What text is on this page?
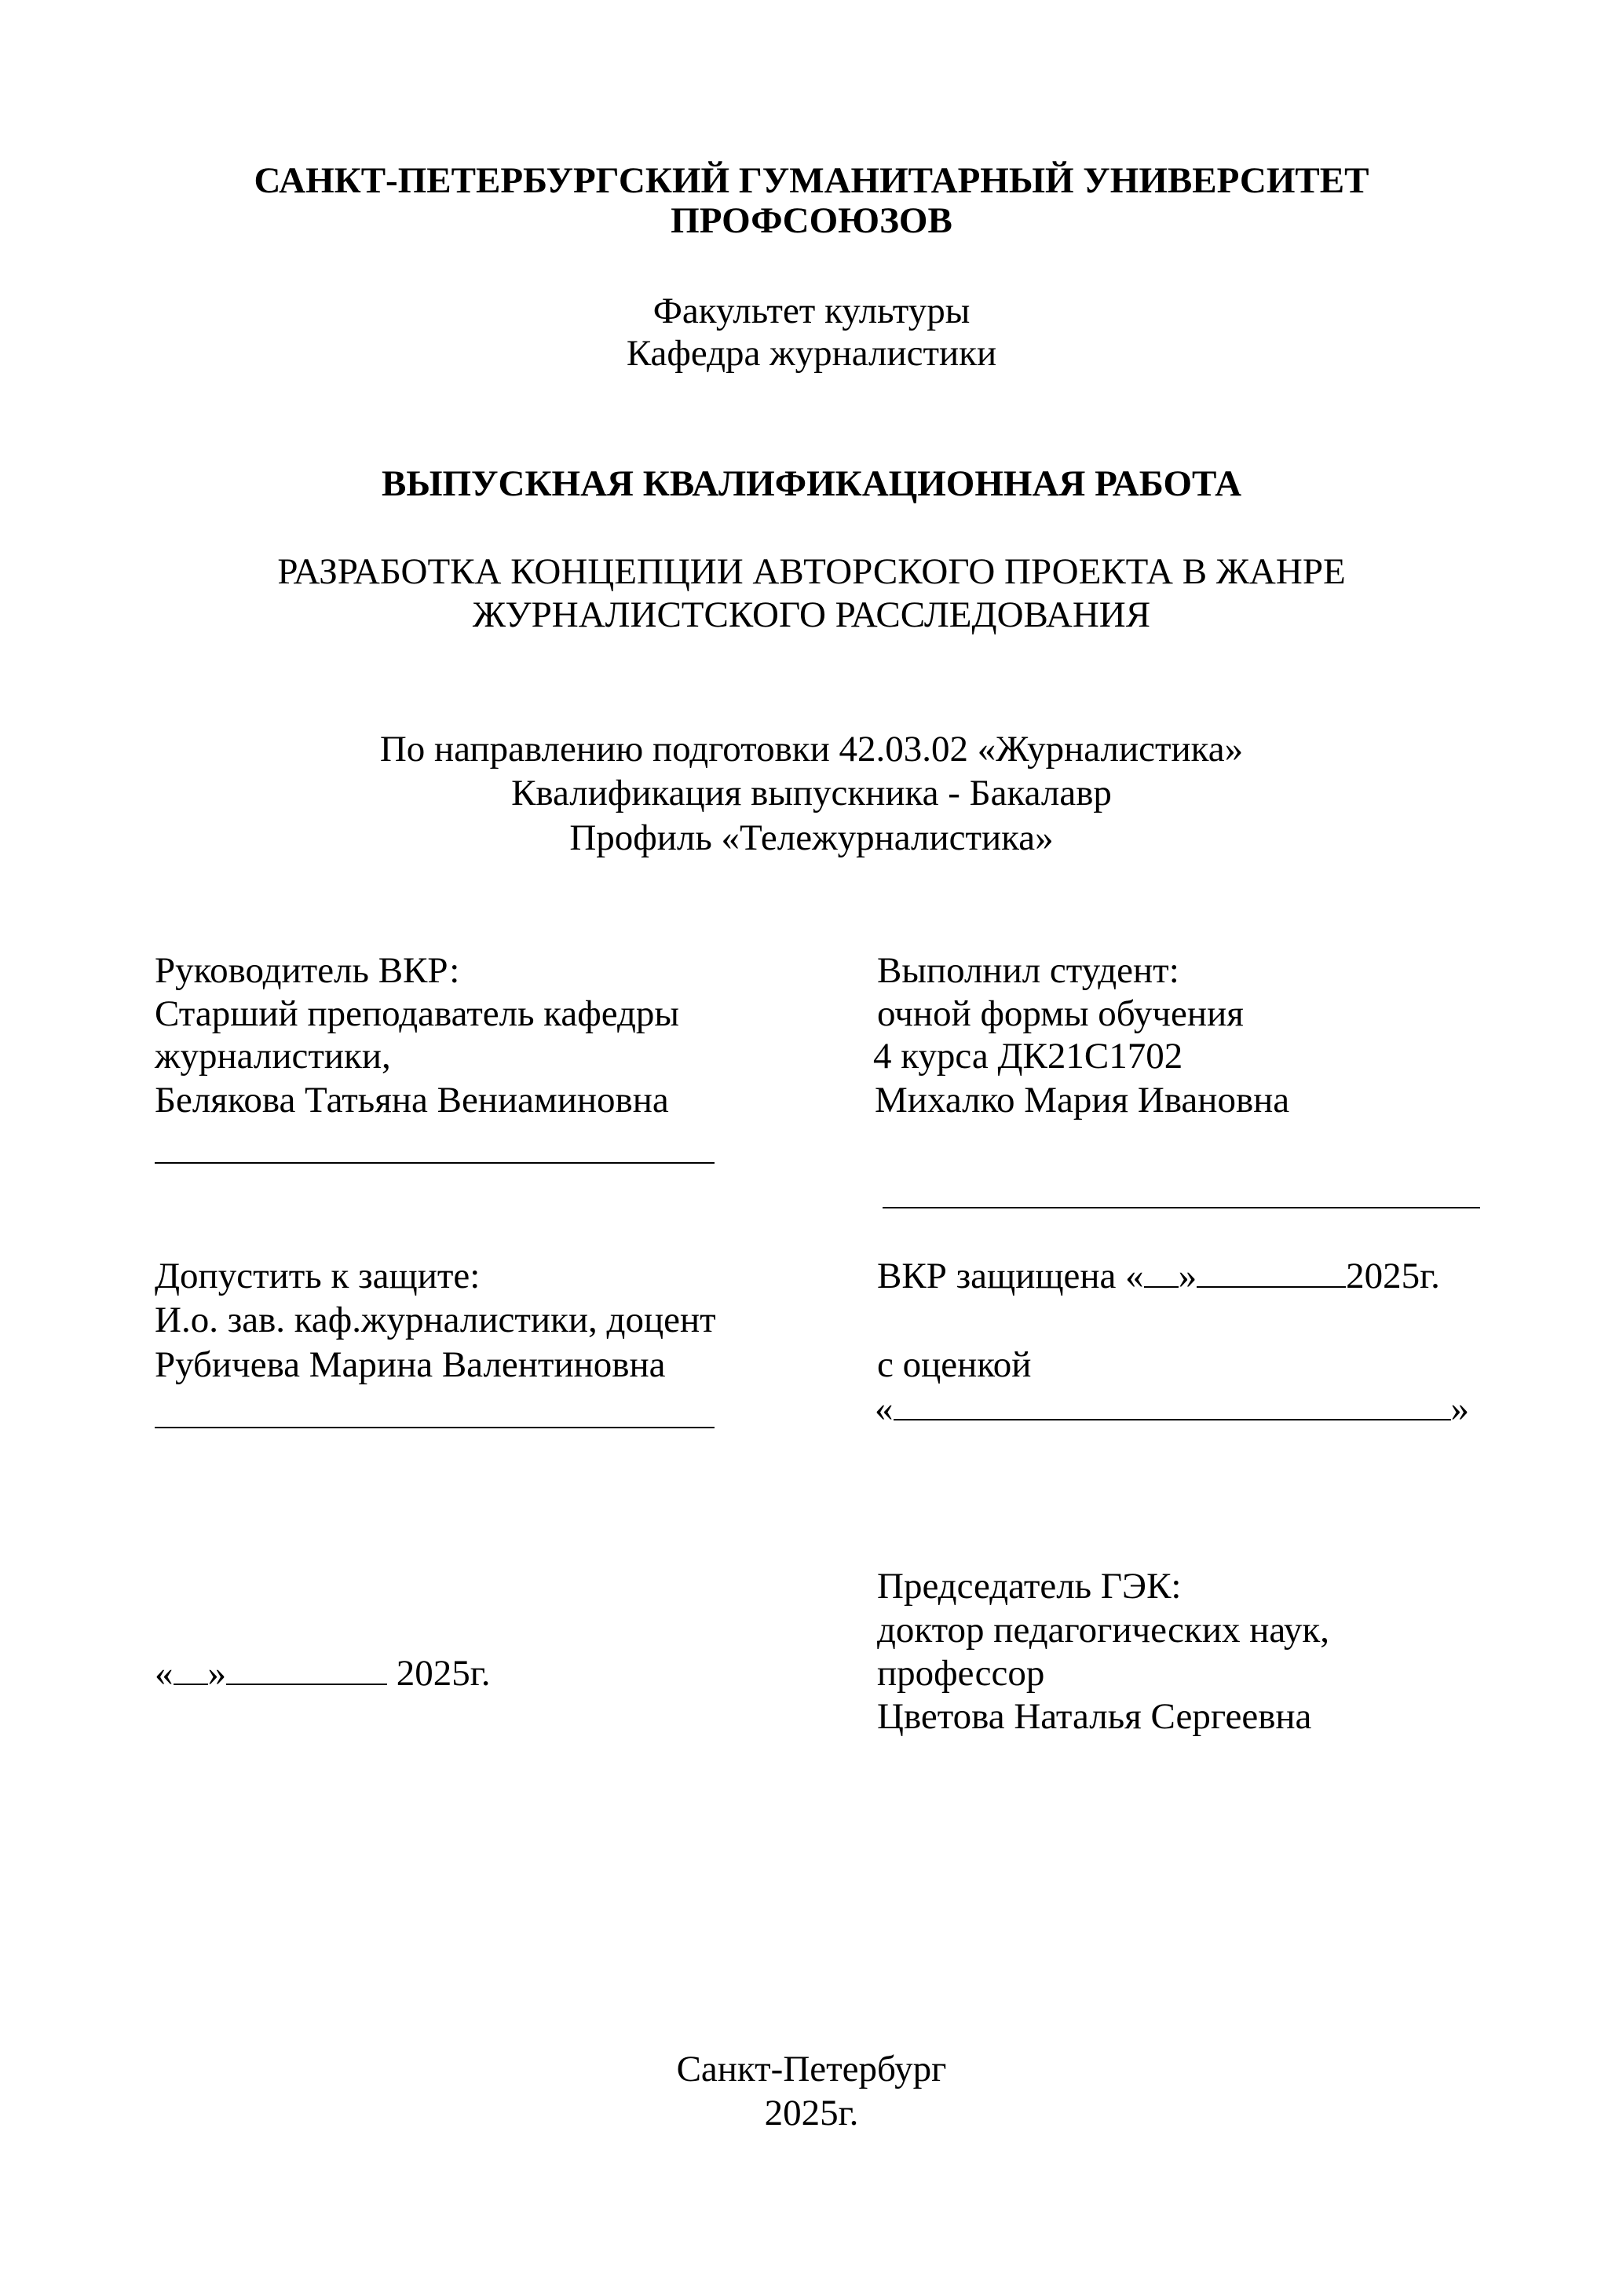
САНКТ-ПЕТЕРБУРГСКИЙ ГУМАНИТАРНЫЙ УНИВЕРСИТЕТ
ПРОФСОЮЗОВ
Факультет культуры
Кафедра журналистики
ВЫПУСКНАЯ КВАЛИФИКАЦИОННАЯ РАБОТА
РАЗРАБОТКА КОНЦЕПЦИИ АВТОРСКОГО ПРОЕКТА В ЖАНРЕ
ЖУРНАЛИСТСКОГО РАССЛЕДОВАНИЯ
По направлению подготовки 42.03.02 «Журналистика»
Квалификация выпускника - Бакалавр
Профиль «Тележурналистика»
Руководитель ВКР:
Старший преподаватель кафедры
журналистики,
Белякова Татьяна Вениаминовна
Выполнил студент:
очной формы обучения
4 курса ДК21С1702
Михалко Мария Ивановна
Допустить к защите:
И.о. зав. каф.журналистики, доцент
Рубичева Марина Валентиновна
ВКР защищена « »	2025г.
с оценкой
«	»
Председатель ГЭК:
доктор педагогических наук,
профессор
Цветова Наталья Сергеевна
« »	2025г.
Санкт-Петербург
2025г.
